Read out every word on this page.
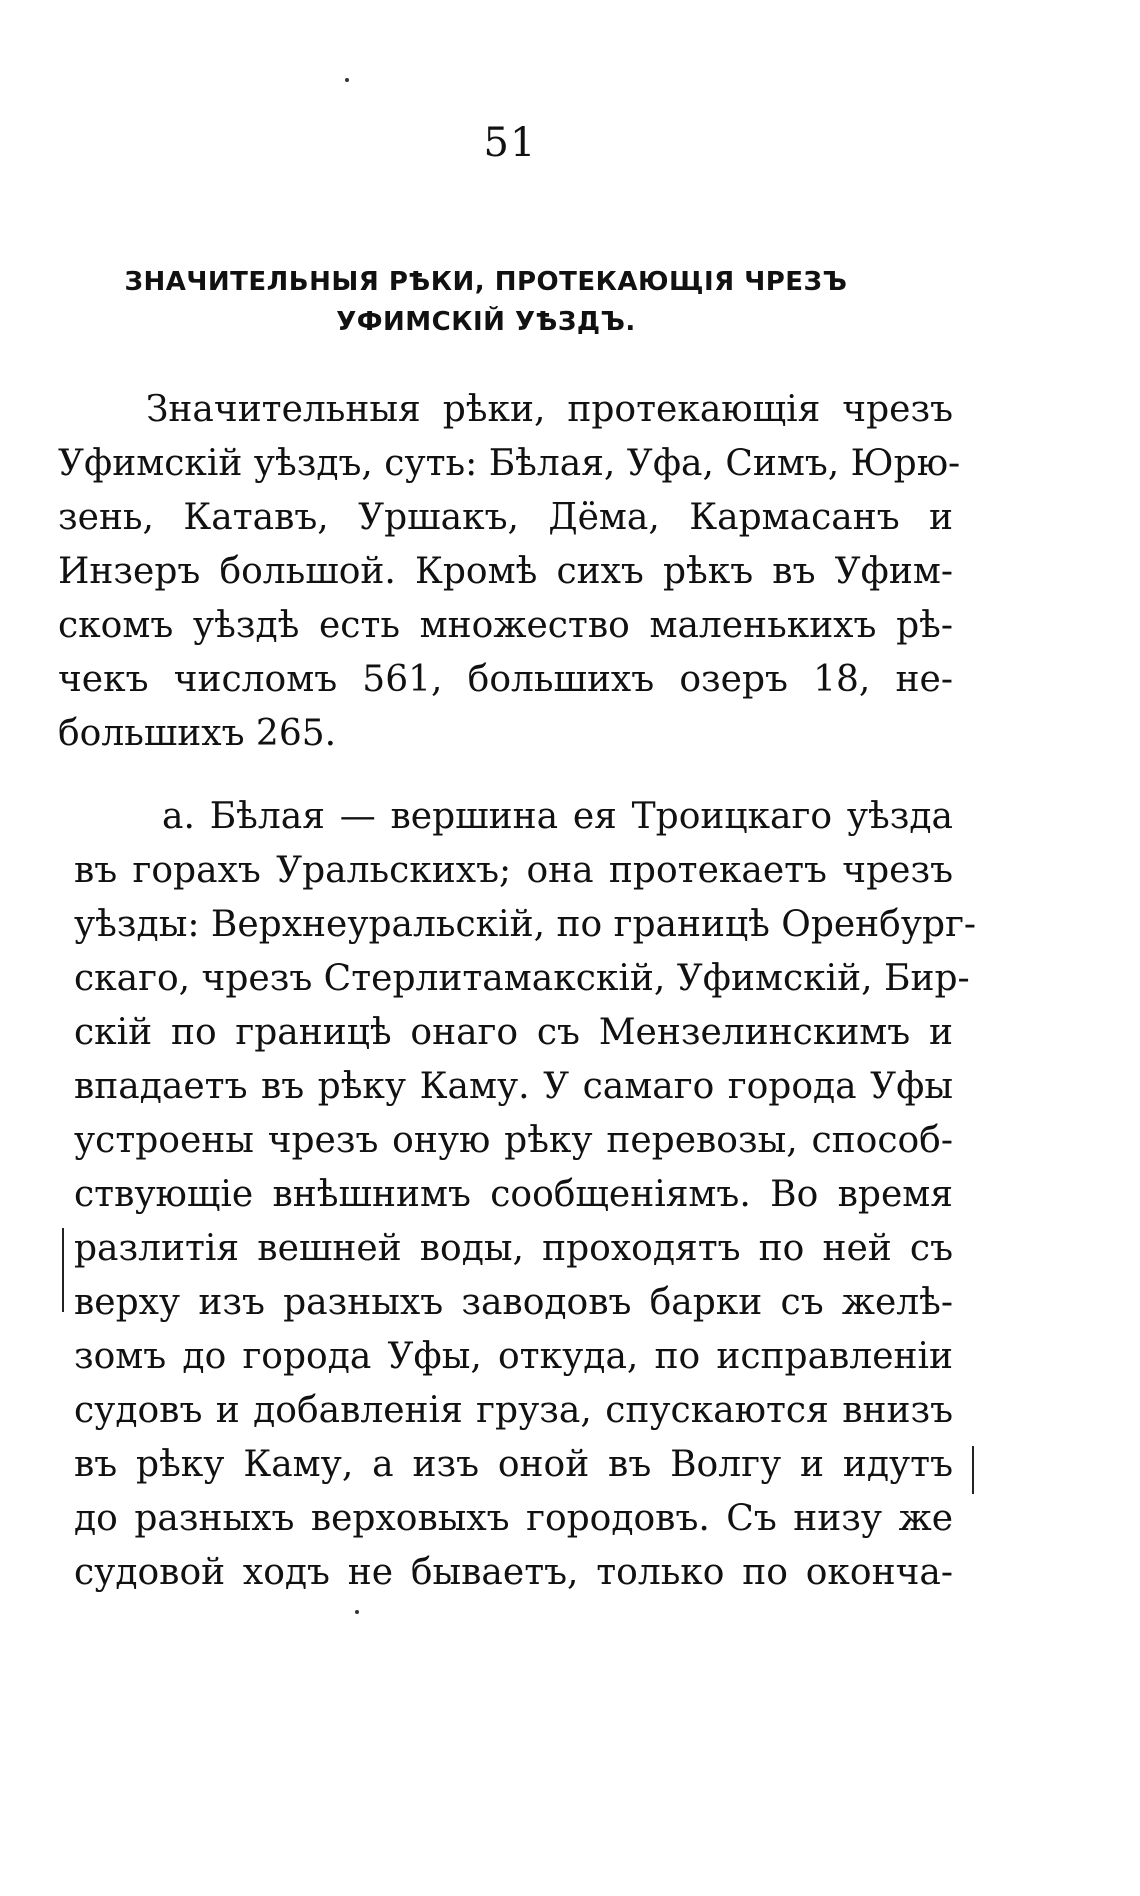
51
ЗНАЧИТЕЛЬНЫЯ РѢКИ, ПРОТЕКАЮЩІЯ ЧРЕЗЪ
УФИМСКІЙ УѢЗДЪ.
Значительныя рѣки, протекающія чрезъ
Уфимскій уѣздъ, суть: Бѣлая, Уфа, Симъ, Юрю-
зень, Катавъ, Уршакъ, Дёма, Кармасанъ и
Инзеръ большой. Кромѣ сихъ рѣкъ въ Уфим-
скомъ уѣздѣ есть множество маленькихъ рѣ-
чекъ числомъ 561, большихъ озеръ 18, не-
большихъ 265.
а. Бѣлая — вершина ея Троицкаго уѣзда
въ горахъ Уральскихъ; она протекаетъ чрезъ
уѣзды: Верхнеуральскій, по границѣ Оренбург-
скаго, чрезъ Стерлитамакскій, Уфимскій, Бир-
скій по границѣ онаго съ Мензелинскимъ и
впадаетъ въ рѣку Каму. У самаго города Уфы
устроены чрезъ оную рѣку перевозы, способ-
ствующіе внѣшнимъ сообщеніямъ. Во время
разлитія вешней воды, проходятъ по ней съ
верху изъ разныхъ заводовъ барки съ желѣ-
зомъ до города Уфы, откуда, по исправленіи
судовъ и добавленія груза, спускаются внизъ
въ рѣку Каму, а изъ оной въ Волгу и идутъ
до разныхъ верховыхъ городовъ. Съ низу же
судовой ходъ не бываетъ, только по оконча-
